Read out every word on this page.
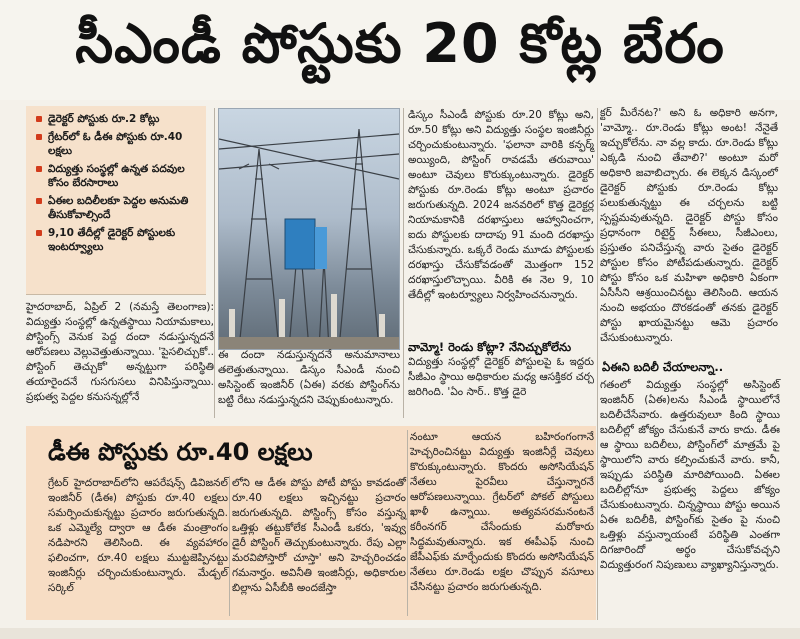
సీఎండీ పోస్టుకు 20 కోట్ల బేరం
డైరెక్టర్ పోస్టుకు రూ.2 కోట్లు
గ్రేటర్‌లో ఓ డీఈ పోస్టుకు రూ.40 లక్షలు
విద్యుత్తు సంస్థల్లో ఉన్నత పదవుల కోసం బేరసారాలు
ఏఈల బదిలీలకూ పెద్దల అనుమతి తీసుకోవాల్సిందే
9,10 తేదీల్లో డైరెక్టర్ పోస్టులకు ఇంటర్వ్యూలు

హైదరాబాద్, ఏప్రిల్ 2 (నమస్తే తెలంగాణ): విద్యుత్తు సంస్థల్లో ఉన్నతస్థాయి నియామకాలు, పోస్టింగ్స్ వెనుక పెద్ద దందా నడుస్తున్నదనే ఆరోపణలు వెల్లువెత్తుతున్నాయి. 'పైసలిచ్చుకో.. పోస్టింగ్ తెచ్చుకో' అన్నట్టుగా పరిస్థితి తయారైందనే గుసగుసలు వినిపిస్తున్నాయి. ప్రభుత్వ పెద్దల కనుసన్నల్లోనే

ఈ దందా నడుస్తున్నదనే అనుమానాలు తలెత్తుతున్నాయి. డిస్కం సీఎండీ నుంచి అసిస్టెంట్ ఇంజినీర్ (ఏఈ) వరకు పోస్టింగ్‌ను బట్టి రేటు నడుస్తున్నదని చెప్పుకుంటున్నారు.

డిస్కం సీఎండీ పోస్టుకు రూ.20 కోట్లు అని, రూ.50 కోట్లు అని విద్యుత్తు సంస్థల ఇంజినీర్లు చర్చించుకుంటున్నారు. 'ఫలానా వారికి కన్ఫర్మ్ అయ్యింది, పోస్టింగ్ రావడమే తరువాయి' అంటూ చెవులు కొరుక్కుంటున్నారు. డైరెక్టర్ పోస్టుకు రూ.రెండు కోట్లు అంటూ ప్రచారం జరుగుతున్నది. 2024 జనవరిలో కొత్త డైరెక్టర్ల నియామకానికి దరఖాస్తులు ఆహ్వానించగా, ఐదు పోస్టులకు దాదాపు 91 మంది దరఖాస్తు చేసుకున్నారు. ఒక్కరే రెండు మూడు పోస్టులకు దరఖాస్తు చేసుకోవడంతో మొత్తంగా 152 దరఖాస్తులొచ్చాయి. వీరికి ఈ నెల 9, 10 తేదీల్లో ఇంటర్వ్యూలు నిర్వహించనున్నారు.

వామ్మో! రెండు కోట్లా? నేనిచ్చుకోలేను

విద్యుత్తు సంస్థల్లో డైరెక్టర్ పోస్టులపై ఓ ఇద్దరు సీజీఎం స్థాయి అధికారుల మధ్య ఆసక్తికర చర్చ జరిగింది. 'ఏం సార్.. కొత్త డైరె

క్టర్ మీరేనట?' అని ఓ అధికారి అనగా, 'వామ్మో.. రూ.రెండు కోట్లు అంట! నేనైతే ఇచ్చుకోలేను. నా వల్ల కాదు. రూ.రెండు కోట్లు ఎక్కడి నుంచి తేవాలి?' అంటూ మరో అధికారి జవాబిచ్చారు. ఈ లెక్కన డిస్కంలో డైరెక్టర్ పోస్టుకు రూ.రెండు కోట్లు పలుకుతున్నట్టు ఈ చర్చలను బట్టి స్పష్టమవుతున్నది. డైరెక్టర్ పోస్టు కోసం ప్రధానంగా రిటైర్డ్ సీఈలు, సీజీఎంలు, ప్రస్తుతం పనిచేస్తున్న వారు సైతం డైరెక్టర్ పోస్టుల కోసం పోటీపడుతున్నారు. డైరెక్టర్ పోస్టు కోసం ఒక మహిళా అధికారి ఏకంగా ఏసీసీని ఆశ్రయించినట్టు తెలిసింది. ఆయన నుంచి అభయం దొరకడంతో తనకు డైరెక్టర్ పోస్టు ఖాయమైనట్టు ఆమె ప్రచారం చేసుకుంటున్నారు.

ఏఈని బదిలీ చేయాలన్నా..

గతంలో విద్యుత్తు సంస్థల్లో అసిస్టెంట్ ఇంజినీర్ (ఏఈ)లను సీఎండీ స్థాయిలోనే బదిలీచేసేవారు. ఉత్తరువులూ కింది స్థాయి బదిలీల్లో జోక్యం చేసుకునే వారు కాదు. డీఈ ఆ స్థాయి బదిలీలు, పోస్టింగ్‌లో మాత్రమే పై స్థాయిలోని వారు కల్పించుకునే వారు. కానీ, ఇప్పుడు పరిస్థితి మారిపోయింది. ఏఈల బదిలీల్లోనూ ప్రభుత్వ పెద్దలు జోక్యం చేసుకుంటున్నారు. చిన్నస్థాయి పోస్టు అయిన ఏఈ బదిలీకి, పోస్టింగ్‌కు సైతం పై నుంచి ఒత్తిళ్లు వస్తున్నాయంటే పరిస్థితి ఎంతగా దిగజారిందో అర్థం చేసుకోవచ్చని విద్యుత్తురంగ నిపుణులు వ్యాఖ్యానిస్తున్నారు.

డీఈ పోస్టుకు రూ.40 లక్షలు

గ్రేటర్ హైదరాబాద్‌లోని ఆపరేషన్స్ డివిజనల్ ఇంజినీర్ (డీఈ) పోస్టుకు రూ.40 లక్షలు సమర్పించుకున్నట్టు ప్రచారం జరుగుతున్నది. ఒక ఎమ్మెల్యే ద్వారా ఆ డీఈ మంత్రాంగం నడిపారని తెలిసింది. ఈ వ్యవహారం ఫలించగా, రూ.40 లక్షలు ముట్టజెప్పినట్టు ఇంజినీర్లు చర్చించుకుంటున్నారు. మేడ్చల్ సర్కిల్

లోని ఆ డీఈ పోస్టు పోటీ పోస్టు కావడంతో రూ.40 లక్షలు ఇచ్చినట్టు ప్రచారం జరుగుతున్నది. పోస్టింగ్స్ కోసం వస్తున్న ఒత్తిళ్లు తట్టుకోలేక సీఎండీ ఒకరు, 'ఇవ్వు డైరీ పోస్టింగ్ తెచ్చుకుంటున్నారు. రేపు ఎల్లా మరవిపోస్తారో చూస్తా' అని హెచ్చరించడం గమనార్హం. అవినీతి ఇంజినీర్లు, అధికారుల బిల్లాను ఏసీబీకి అందజేస్తా

నంటూ ఆయన బహిరంగంగానే హెచ్చరించినట్టు విద్యుత్తు ఇంజినీర్లే చెవులు కొరుక్కుంటున్నారు. కొందరు అసోసియేషన్ నేతలు పైరవీలు చేస్తున్నారనే ఆరోపణలున్నాయి. గ్రేటర్‌లో పోకల్ పోస్టులు ఖాళీ ఉన్నాయి. అత్యవసరమనంటనే కరీంనగర్ చేసేందుకు మరోకారు సిద్ధమవుతున్నారు. ఇక ఈపీఎఫ్ నుంచి జేపీఎఫ్‌కు మార్చేందుకు కొందరు అసోసియేషన్ నేతలు రూ.రెండు లక్షల చొప్పున వసూలు చేసినట్టు ప్రచారం జరుగుతున్నది.
